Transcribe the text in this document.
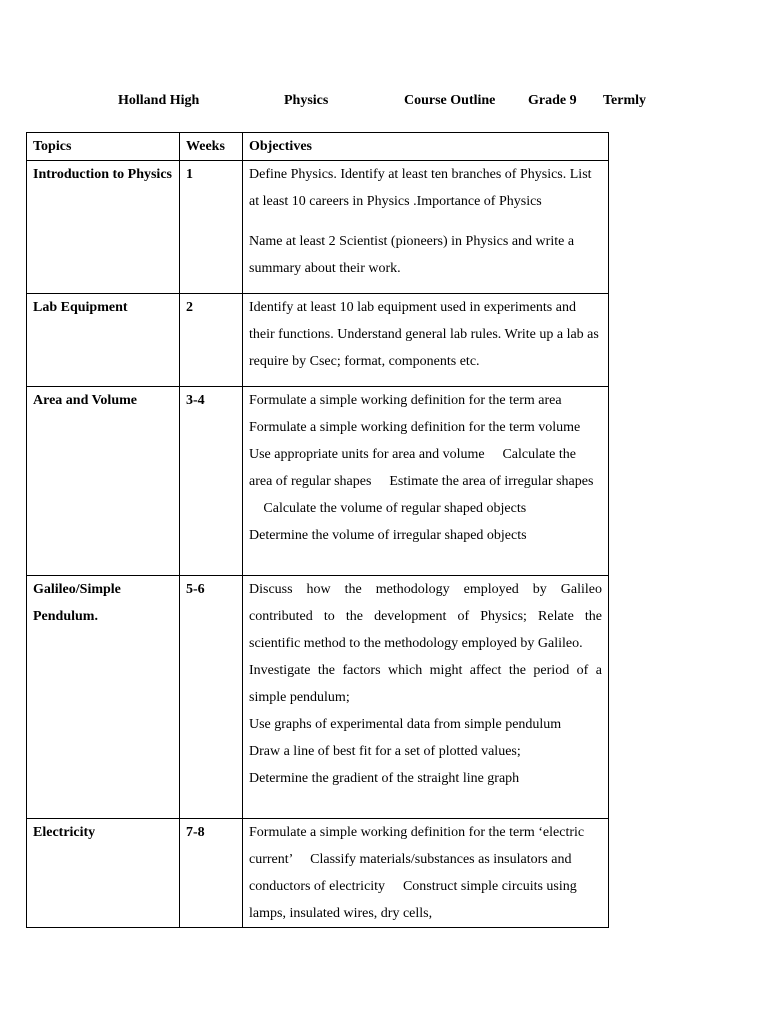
Holland High	Physics	Course Outline Grade 9 Termly
Topics	Weeks	Objectives
Introduction to Physics	1	Define Physics. Identify at least ten branches of Physics. List at least 10 careers in Physics .Importance of Physics

Name at least 2 Scientist (pioneers) in Physics and write a summary about their work.

Lab Equipment	2	Identify at least 10 lab equipment used in experiments and their functions. Understand general lab rules. Write up a lab as require by Csec; format, components etc.

Area and Volume	3-4	Formulate a simple working definition for the term area Formulate a simple working definition for the term volume Use appropriate units for area and volume Calculate the area of regular shapes Estimate the area of irregular shapes Calculate the volume of regular shaped objects Determine the volume of irregular shaped objects

Galileo/Simple Pendulum.	5-6	Discuss how the methodology employed by Galileo contributed to the development of Physics; Relate the scientific method to the methodology employed by Galileo.

Investigate the factors which might affect the period of a simple pendulum;

Use graphs of experimental data from simple pendulum

Draw a line of best fit for a set of plotted values;

Determine the gradient of the straight line graph

Electricity	7-8	Formulate a simple working definition for the term ‘electric current’ Classify materials/substances as insulators and conductors of electricity Construct simple circuits using lamps, insulated wires, dry cells,
